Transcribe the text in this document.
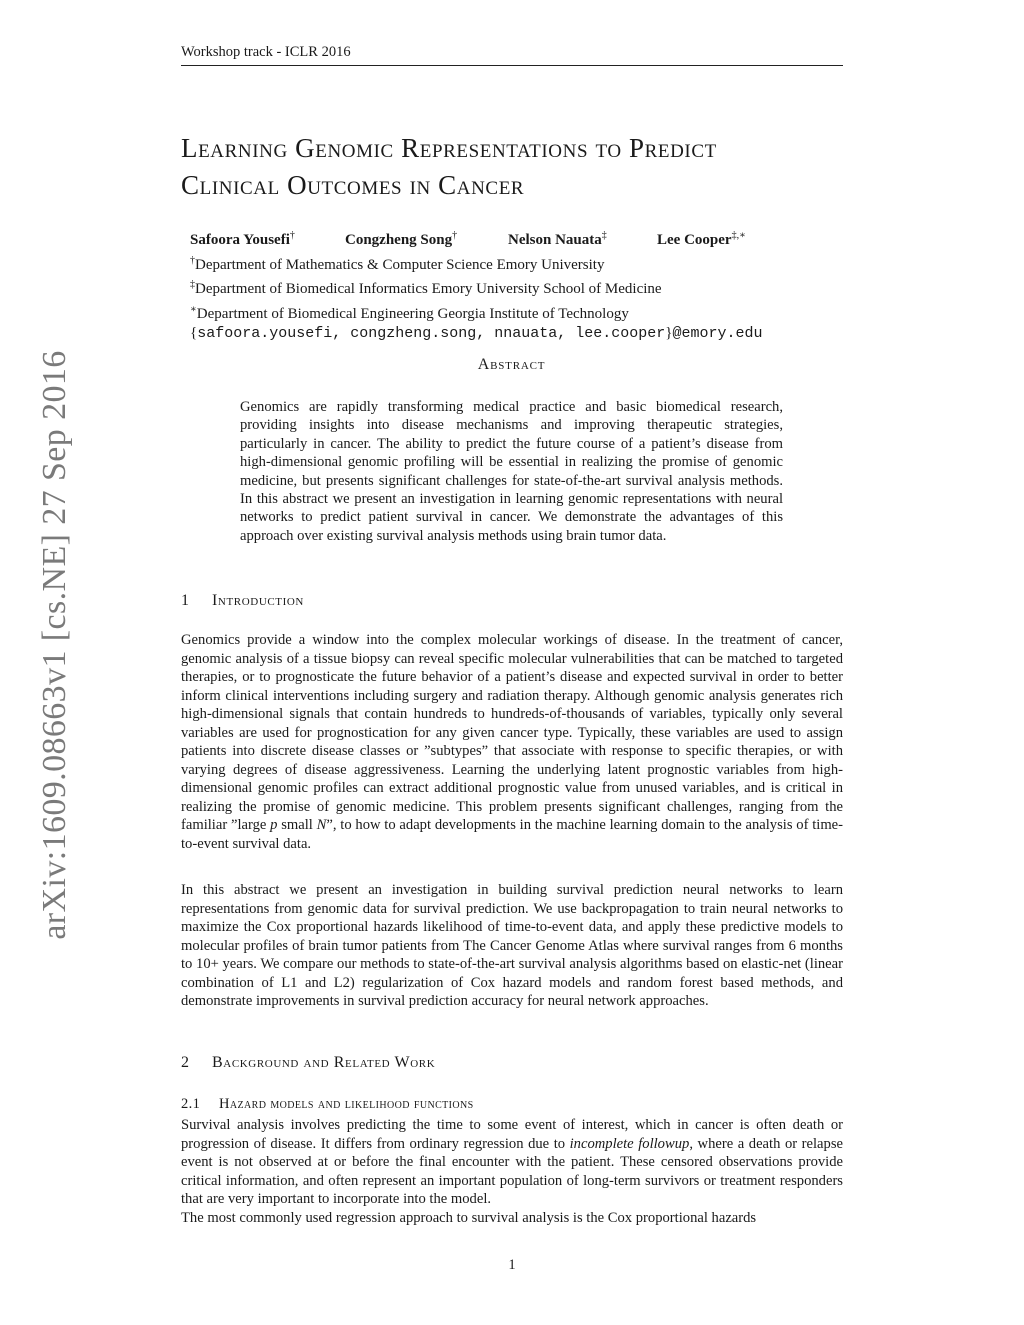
Workshop track - ICLR 2016
Learning Genomic Representations to Predict
Clinical Outcomes in Cancer
Safoora Yousefi†	Congzheng Song†	Nelson Nauata‡	Lee Cooper‡,∗
†Department of Mathematics & Computer Science Emory University
‡Department of Biomedical Informatics Emory University School of Medicine
∗Department of Biomedical Engineering Georgia Institute of Technology
{safoora.yousefi, congzheng.song, nnauata, lee.cooper}@emory.edu
arXiv:1609.08663v1 [cs.NE] 27 Sep 2016	Abstract
Genomics are rapidly transforming medical practice and basic biomedical research, providing insights into disease mechanisms and improving therapeutic strategies, particularly in cancer. The ability to predict the future course of a patient’s disease from high-dimensional genomic profiling will be essential in realizing the promise of genomic medicine, but presents significant challenges for state-of-the-art survival analysis methods. In this abstract we present an investigation in learning genomic representations with neural networks to predict patient survival in cancer. We demonstrate the advantages of this approach over existing survival analysis methods using brain tumor data.
1 Introduction
Genomics provide a window into the complex molecular workings of disease. In the treatment of cancer, genomic analysis of a tissue biopsy can reveal specific molecular vulnerabilities that can be matched to targeted therapies, or to prognosticate the future behavior of a patient’s disease and expected survival in order to better inform clinical interventions including surgery and radiation therapy. Although genomic analysis generates rich high-dimensional signals that contain hundreds to hundreds-of-thousands of variables, typically only several variables are used for prognostication for any given cancer type. Typically, these variables are used to assign patients into discrete disease classes or ”subtypes” that associate with response to specific therapies, or with varying degrees of disease aggressiveness. Learning the underlying latent prognostic variables from high-dimensional genomic profiles can extract additional prognostic value from unused variables, and is critical in realizing the promise of genomic medicine. This problem presents significant challenges, ranging from the familiar ”large p small N”, to how to adapt developments in the machine learning domain to the analysis of time-to-event survival data.
In this abstract we present an investigation in building survival prediction neural networks to learn representations from genomic data for survival prediction. We use backpropagation to train neural networks to maximize the Cox proportional hazards likelihood of time-to-event data, and apply these predictive models to molecular profiles of brain tumor patients from The Cancer Genome Atlas where survival ranges from 6 months to 10+ years. We compare our methods to state-of-the-art survival analysis algorithms based on elastic-net (linear combination of L1 and L2) regularization of Cox hazard models and random forest based methods, and demonstrate improvements in survival prediction accuracy for neural network approaches.
2 Background and Related Work
2.1 Hazard models and likelihood functions
Survival analysis involves predicting the time to some event of interest, which in cancer is often death or progression of disease. It differs from ordinary regression due to incomplete followup, where a death or relapse event is not observed at or before the final encounter with the patient. These censored observations provide critical information, and often represent an important population of long-term survivors or treatment responders that are very important to incorporate into the model.
The most commonly used regression approach to survival analysis is the Cox proportional hazards
1
